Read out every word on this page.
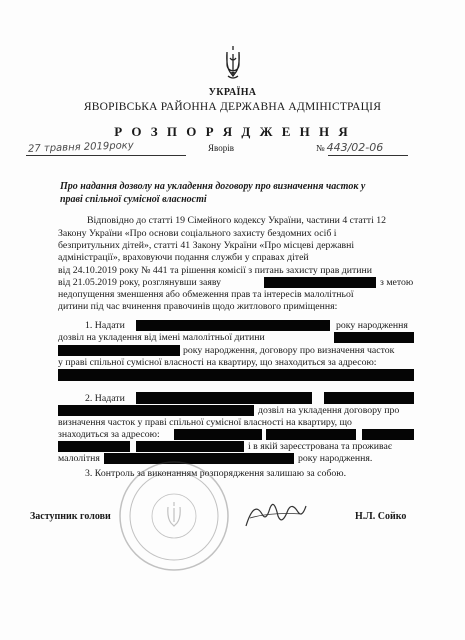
УКРАЇНА
ЯВОРІВСЬКА РАЙОННА ДЕРЖАВНА АДМІНІСТРАЦІЯ
Р О З П О Р Я Д Ж Е Н Н Я
27 травня 2019року	Яворів	№ 443/02-06
Про надання дозволу на укладення договору про визначення часток у праві спільної сумісної власності
Відповідно до статті 19 Сімейного кодексу України, частини 4 статті 12
Закону України «Про основи соціального захисту бездомних осіб і
безпритульних дітей», статті 41 Закону України «Про місцеві державні
адміністрації», враховуючи подання служби у справах дітей
від 24.10.2019 року № 441 та рішення комісії з питань захисту прав дитини
від 21.05.2019 року, розглянувши заяву	з метою
недопущення зменшення або обмеження прав та інтересів малолітньої
дитини під час вчинення правочинів щодо житлового приміщення:
1. Надати	року народження
дозвіл на укладення від імені малолітньої дитини
року народження, договору про визначення часток
у праві спільної сумісної власності на квартиру, що знаходиться за адресою:
2. Надати
дозвіл на укладення договору про
визначення часток у праві спільної сумісної власності на квартиру, що
знаходиться за адресою:
і в якій зареєстрована та проживає
малолітня	року народження.
3. Контроль за виконанням розпорядження залишаю за собою.
Заступник голови	Н.Л. Сойко
